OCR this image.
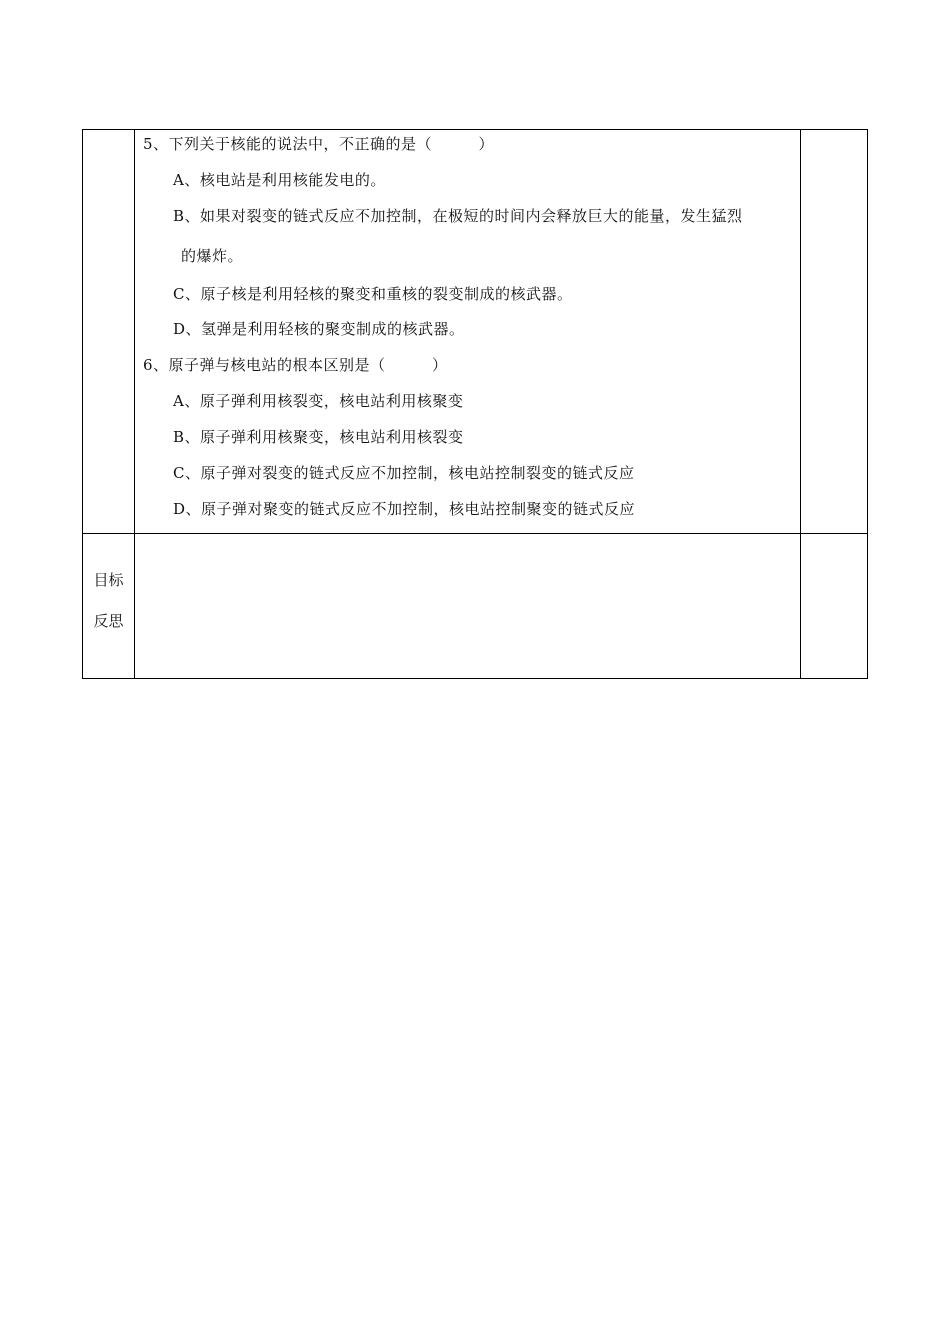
5、下列关于核能的说法中，不正确的是（　　　）
A、核电站是利用核能发电的。
B、如果对裂变的链式反应不加控制，在极短的时间内会释放巨大的能量，发生猛烈
的爆炸。
C、原子核是利用轻核的聚变和重核的裂变制成的核武器。
D、氢弹是利用轻核的聚变制成的核武器。
6、原子弹与核电站的根本区别是（　　　）
A、原子弹利用核裂变，核电站利用核聚变
B、原子弹利用核聚变，核电站利用核裂变
C、原子弹对裂变的链式反应不加控制，核电站控制裂变的链式反应
D、原子弹对聚变的链式反应不加控制，核电站控制聚变的链式反应
目标
反思
